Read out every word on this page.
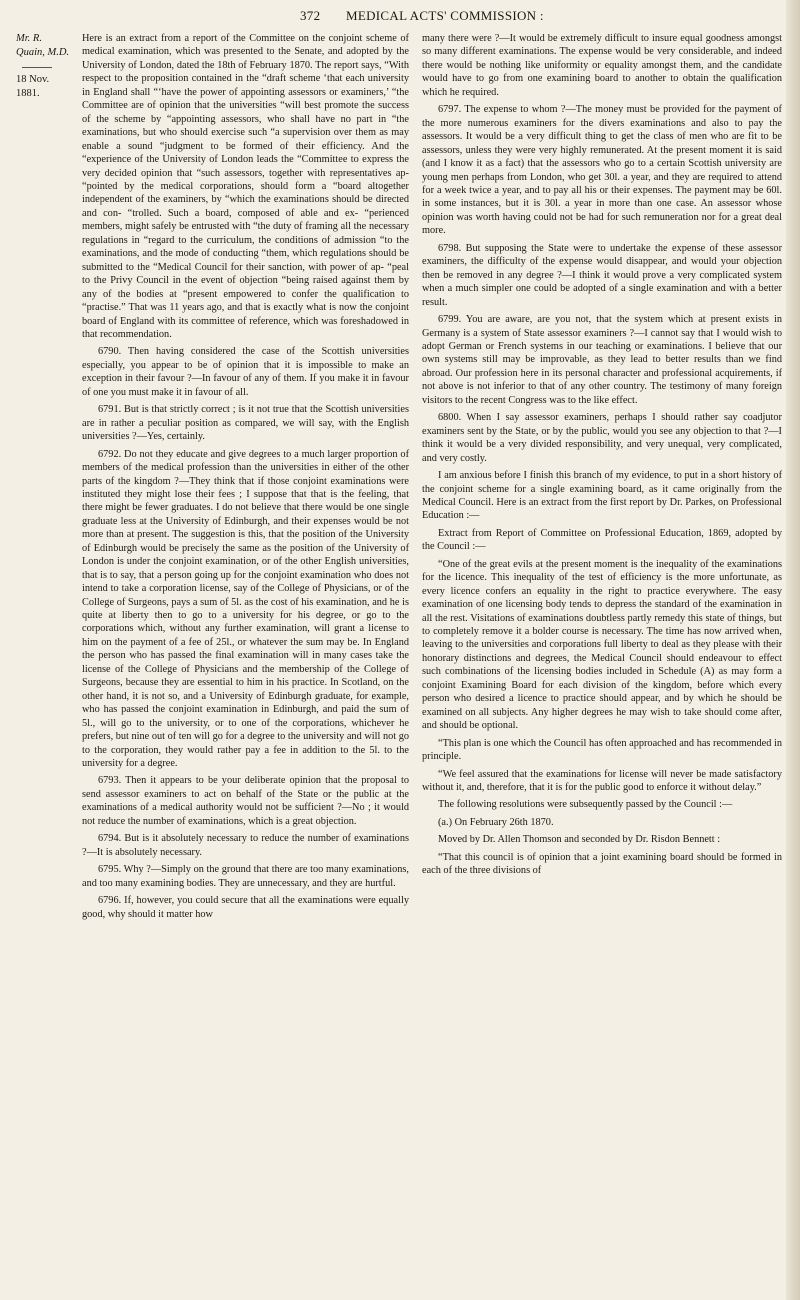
372 MEDICAL ACTS' COMMISSION :
Mr. R.
Quain, M.D.
18 Nov. 1881.

Here is an extract from a report of the Committee on the conjoint scheme of medical examination, which was presented to the Senate, and adopted by the University of London, dated the 18th of February 1870. The report says, “With respect to the proposition contained in the “draft scheme ‘that each university in England shall “‘have the power of appointing assessors or examiners,’ “the Committee are of opinion that the universities “will best promote the success of the scheme by “appointing assessors, who shall have no part in “the examinations, but who should exercise such “a supervision over them as may enable a sound “judgment to be formed of their efficiency. And the “experience of the University of London leads the “Committee to express the very decided opinion that “such assessors, together with representatives ap- “pointed by the medical corporations, should form a “board altogether independent of the examiners, by “which the examinations should be directed and con- “trolled. Such a board, composed of able and ex- “perienced members, might safely be entrusted with “the duty of framing all the necessary regulations in “regard to the curriculum, the conditions of admission “to the examinations, and the mode of conducting “them, which regulations should be submitted to the “Medical Council for their sanction, with power of ap- “peal to the Privy Council in the event of objection “being raised against them by any of the bodies at “present empowered to confer the qualification to “practise.” That was 11 years ago, and that is exactly what is now the conjoint board of England with its committee of reference, which was foreshadowed in that recommendation.

6790. Then having considered the case of the Scottish universities especially, you appear to be of opinion that it is impossible to make an exception in their favour ?—In favour of any of them. If you make it in favour of one you must make it in favour of all.

6791. But is that strictly correct ; is it not true that the Scottish universities are in rather a peculiar position as compared, we will say, with the English universities ?—Yes, certainly.

6792. Do not they educate and give degrees to a much larger proportion of members of the medical profession than the universities in either of the other parts of the kingdom ?—They think that if those conjoint examinations were instituted they might lose their fees ; I suppose that that is the feeling, that there might be fewer graduates. I do not believe that there would be one single graduate less at the University of Edinburgh, and their expenses would be not more than at present. The suggestion is this, that the position of the University of Edinburgh would be precisely the same as the position of the University of London is under the conjoint examination, or of the other English universities, that is to say, that a person going up for the conjoint examination who does not intend to take a corporation license, say of the College of Physicians, or of the College of Surgeons, pays a sum of 5l. as the cost of his examination, and he is quite at liberty then to go to a university for his degree, or go to the corporations which, without any further examination, will grant a license to him on the payment of a fee of 25l., or whatever the sum may be. In England the person who has passed the final examination will in many cases take the license of the College of Physicians and the membership of the College of Surgeons, because they are essential to him in his practice. In Scotland, on the other hand, it is not so, and a University of Edinburgh graduate, for example, who has passed the conjoint examination in Edinburgh, and paid the sum of 5l., will go to the university, or to one of the corporations, whichever he prefers, but nine out of ten will go for a degree to the university and will not go to the corporation, they would rather pay a fee in addition to the 5l. to the university for a degree.

6793. Then it appears to be your deliberate opinion that the proposal to send assessor examiners to act on behalf of the State or the public at the examinations of a medical authority would not be sufficient ?—No ; it would not reduce the number of examinations, which is a great objection.

6794. But is it absolutely necessary to reduce the number of examinations ?—It is absolutely necessary.

6795. Why ?—Simply on the ground that there are too many examinations, and too many examining bodies. They are unnecessary, and they are hurtful.

6796. If, however, you could secure that all the examinations were equally good, why should it matter how

many there were ?—It would be extremely difficult to insure equal goodness amongst so many different examinations. The expense would be very considerable, and indeed there would be nothing like uniformity or equality amongst them, and the candidate would have to go from one examining board to another to obtain the qualification which he required.

6797. The expense to whom ?—The money must be provided for the payment of the more numerous examiners for the divers examinations and also to pay the assessors. It would be a very difficult thing to get the class of men who are fit to be assessors, unless they were very highly remunerated. At the present moment it is said (and I know it as a fact) that the assessors who go to a certain Scottish university are young men perhaps from London, who get 30l. a year, and they are required to attend for a week twice a year, and to pay all his or their expenses. The payment may be 60l. in some instances, but it is 30l. a year in more than one case. An assessor whose opinion was worth having could not be had for such remuneration nor for a great deal more.

6798. But supposing the State were to undertake the expense of these assessor examiners, the difficulty of the expense would disappear, and would your objection then be removed in any degree ?—I think it would prove a very complicated system when a much simpler one could be adopted of a single examination and with a better result.

6799. You are aware, are you not, that the system which at present exists in Germany is a system of State assessor examiners ?—I cannot say that I would wish to adopt German or French systems in our teaching or examinations. I believe that our own systems still may be improvable, as they lead to better results than we find abroad. Our profession here in its personal character and professional acquirements, if not above is not inferior to that of any other country. The testimony of many foreign visitors to the recent Congress was to the like effect.

6800. When I say assessor examiners, perhaps I should rather say coadjutor examiners sent by the State, or by the public, would you see any objection to that ?—I think it would be a very divided responsibility, and very unequal, very complicated, and very costly.

I am anxious before I finish this branch of my evidence, to put in a short history of the conjoint scheme for a single examining board, as it came originally from the Medical Council. Here is an extract from the first report by Dr. Parkes, on Professional Education :—

Extract from Report of Committee on Professional Education, 1869, adopted by the Council :—

“One of the great evils at the present moment is the inequality of the examinations for the licence. This inequality of the test of efficiency is the more unfortunate, as every licence confers an equality in the right to practice everywhere. The easy examination of one licensing body tends to depress the standard of the examination in all the rest. Visitations of examinations doubtless partly remedy this state of things, but to completely remove it a bolder course is necessary. The time has now arrived when, leaving to the universities and corporations full liberty to deal as they please with their honorary distinctions and degrees, the Medical Council should endeavour to effect such combinations of the licensing bodies included in Schedule (A) as may form a conjoint Examining Board for each division of the kingdom, before which every person who desired a licence to practice should appear, and by which he should be examined on all subjects. Any higher degrees he may wish to take should come after, and should be optional.

“This plan is one which the Council has often approached and has recommended in principle.

“We feel assured that the examinations for license will never be made satisfactory without it, and, therefore, that it is for the public good to enforce it without delay.”

The following resolutions were subsequently passed by the Council :—

(a.) On February 26th 1870.

Moved by Dr. Allen Thomson and seconded by Dr. Risdon Bennett :

“That this council is of opinion that a joint examining board should be formed in each of the three divisions of
